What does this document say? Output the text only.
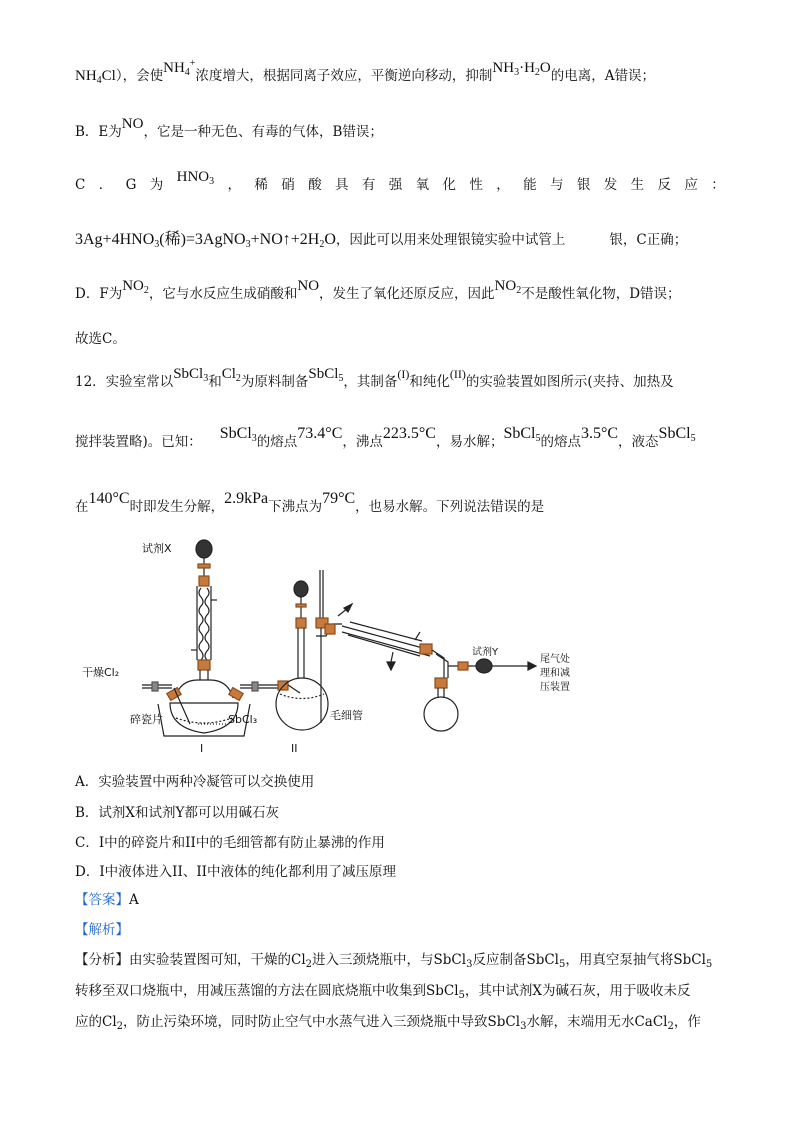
$NH_4Cl$），会使$NH_4^+$浓度增大，根据同离子效应，平衡逆向移动，抑制$NH_3\cdot H_2O$的电离，A错误；
B．E为NO，它是一种无色、有毒的气体，B错误；
C ． G 为 $HNO_3$ ， 稀 硝 酸 具 有 强 氧 化 性 ， 能 与 银 发 生 反 应 ：
$3Ag+4HNO_3$(稀)$=3AgNO_3+NO↑+2H_2O$，因此可以用来处理银镜实验中试管上	银，C正确；
D．F为$NO_2$，它与水反应生成硝酸和NO，发生了氧化还原反应，因此$NO_2$不是酸性氧化物，D错误；
故选C。
12．实验室常以SbCl$_3$和$Cl_2$为原料制备SbCl$_5$，其制备(I)和纯化(II)的实验装置如图所示(夹持、加热及
搅拌装置略)。已知： SbCl$_3$的熔点73.4°C，沸点223.5°C，易水解；SbCl$_5$的熔点3.5°C，液态SbCl$_5$
在140°C时即发生分解，2.9kPa下沸点为79°C，也易水解。下列说法错误的是
试剂X
干燥Cl₂
碎瓷片	SbCl₃
I	II
毛细管
试剂Y
尾气处
理和减
压装置
A．实验装置中两种冷凝管可以交换使用
B．试剂X和试剂Y都可以用碱石灰
C．I中的碎瓷片和II中的毛细管都有防止暴沸的作用
D．I中液体进入II、II中液体的纯化都利用了减压原理
【答案】A
【解析】
【分析】由实验装置图可知，干燥的$Cl_2$进入三颈烧瓶中，与SbCl$_3$反应制备SbCl$_5$，用真空泵抽气将SbCl$_5$
转移至双口烧瓶中，用减压蒸馏的方法在圆底烧瓶中收集到SbCl$_5$，其中试剂X为碱石灰，用于吸收未反
应的$Cl_2$，防止污染环境，同时防止空气中水蒸气进入三颈烧瓶中导致SbCl$_3$水解，末端用无水CaCl$_2$，作
